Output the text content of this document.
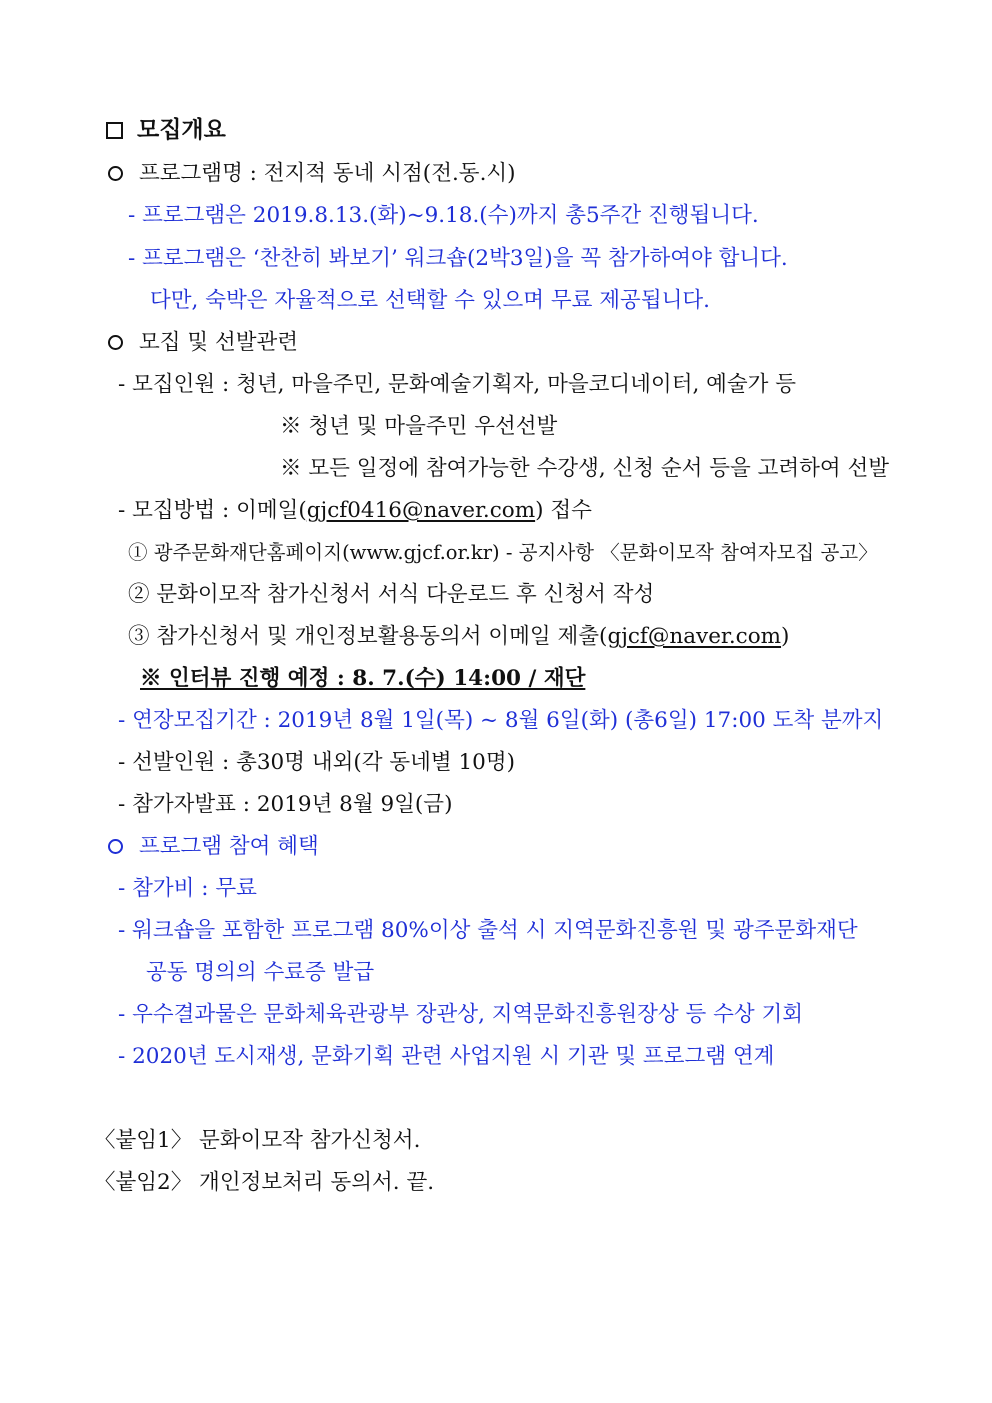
모집개요
프로그램명 : 전지적 동네 시점(전.동.시)
- 프로그램은 2019.8.13.(화)~9.18.(수)까지 총5주간 진행됩니다.
- 프로그램은 ‘찬찬히 봐보기’ 워크숍(2박3일)을 꼭 참가하여야 합니다.
다만, 숙박은 자율적으로 선택할 수 있으며 무료 제공됩니다.
모집 및 선발관련
- 모집인원 : 청년, 마을주민, 문화예술기획자, 마을코디네이터, 예술가 등
※ 청년 및 마을주민 우선선발
※ 모든 일정에 참여가능한 수강생, 신청 순서 등을 고려하여 선발
- 모집방법 : 이메일(gjcf0416@naver.com) 접수
① 광주문화재단홈페이지(www.gjcf.or.kr) - 공지사항 〈문화이모작 참여자모집 공고〉
② 문화이모작 참가신청서 서식 다운로드 후 신청서 작성
③ 참가신청서 및 개인정보활용동의서 이메일 제출(gjcf@naver.com)
※ 인터뷰 진행 예정 : 8. 7.(수) 14:00 / 재단
- 연장모집기간 : 2019년 8월 1일(목) ~ 8월 6일(화) (총6일) 17:00 도착 분까지
- 선발인원 : 총30명 내외(각 동네별 10명)
- 참가자발표 : 2019년 8월 9일(금)
프로그램 참여 혜택
- 참가비 : 무료
- 워크숍을 포함한 프로그램 80%이상 출석 시 지역문화진흥원 및 광주문화재단
공동 명의의 수료증 발급
- 우수결과물은 문화체육관광부 장관상, 지역문화진흥원장상 등 수상 기회
- 2020년 도시재생, 문화기획 관련 사업지원 시 기관 및 프로그램 연계
〈붙임1〉 문화이모작 참가신청서.
〈붙임2〉 개인정보처리 동의서. 끝.
